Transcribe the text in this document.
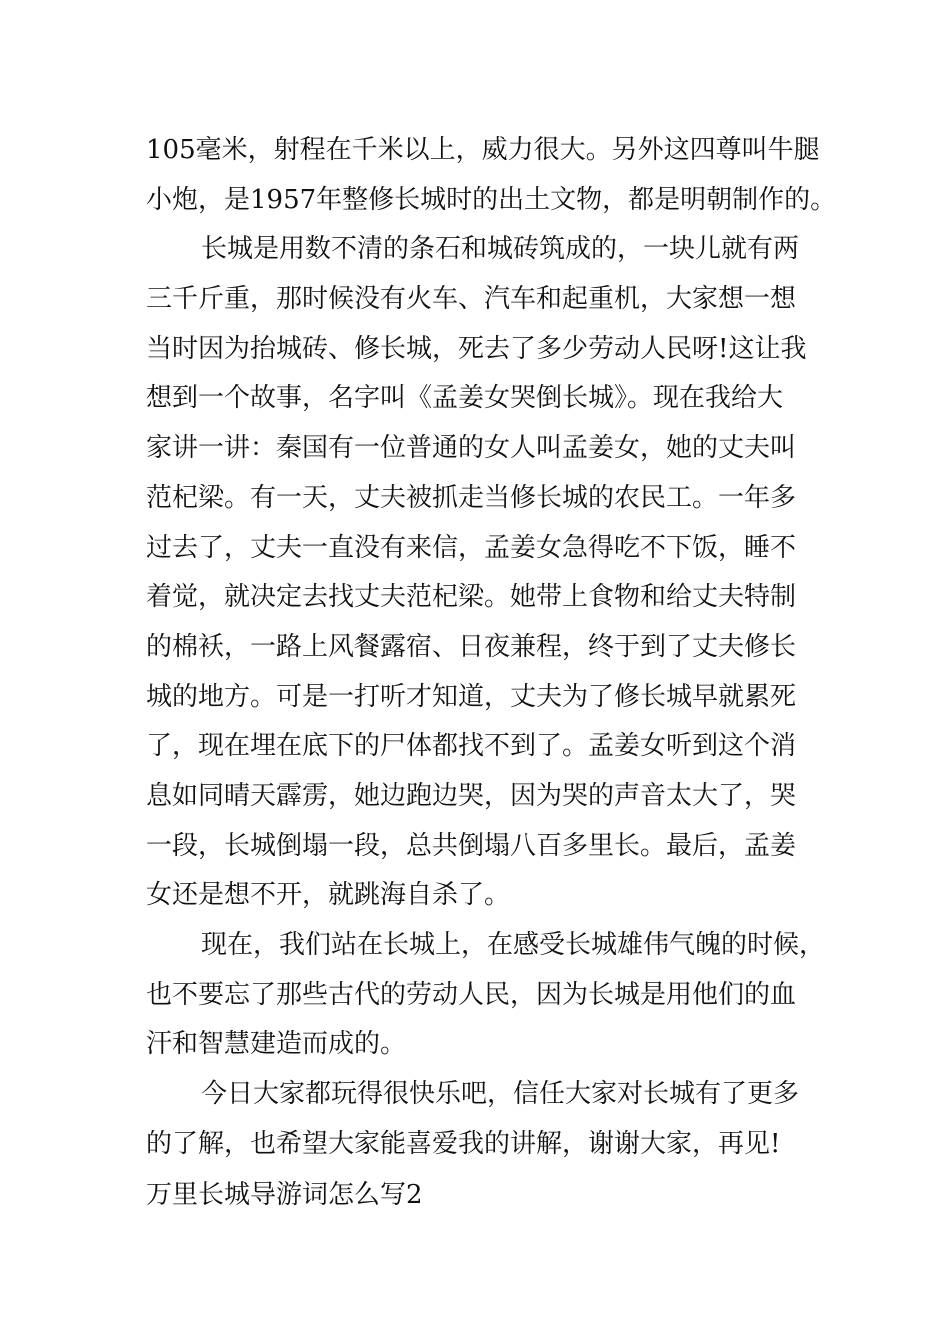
105毫米，射程在千米以上，威力很大。另外这四尊叫牛腿
小炮，是1957年整修长城时的出土文物，都是明朝制作的。
长城是用数不清的条石和城砖筑成的，一块儿就有两
三千斤重，那时候没有火车、汽车和起重机，大家想一想
当时因为抬城砖、修长城，死去了多少劳动人民呀!这让我
想到一个故事，名字叫《孟姜女哭倒长城》。现在我给大
家讲一讲：秦国有一位普通的女人叫孟姜女，她的丈夫叫
范杞梁。有一天，丈夫被抓走当修长城的农民工。一年多
过去了，丈夫一直没有来信，孟姜女急得吃不下饭，睡不
着觉，就决定去找丈夫范杞梁。她带上食物和给丈夫特制
的棉袄，一路上风餐露宿、日夜兼程，终于到了丈夫修长
城的地方。可是一打听才知道，丈夫为了修长城早就累死
了，现在埋在底下的尸体都找不到了。孟姜女听到这个消
息如同晴天霹雳，她边跑边哭，因为哭的声音太大了，哭
一段，长城倒塌一段，总共倒塌八百多里长。最后，孟姜
女还是想不开，就跳海自杀了。
现在，我们站在长城上，在感受长城雄伟气魄的时候，
也不要忘了那些古代的劳动人民，因为长城是用他们的血
汗和智慧建造而成的。
今日大家都玩得很快乐吧，信任大家对长城有了更多
的了解，也希望大家能喜爱我的讲解，谢谢大家，再见!
万里长城导游词怎么写2
